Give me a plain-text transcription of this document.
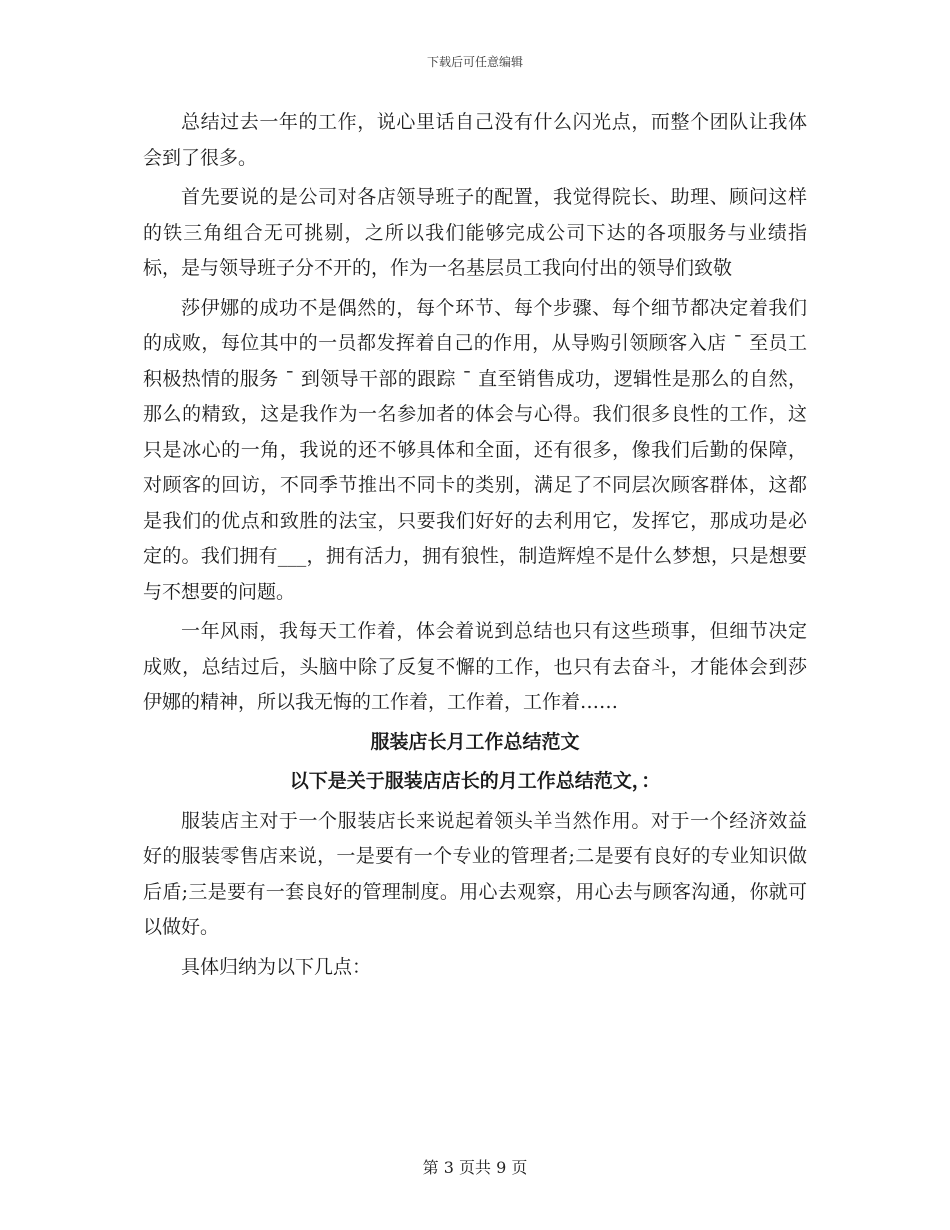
下载后可任意编辑

总结过去一年的工作，说心里话自己没有什么闪光点，而整个团队让我体会到了很多。

首先要说的是公司对各店领导班子的配置，我觉得院长、助理、顾问这样的铁三角组合无可挑剔，之所以我们能够完成公司下达的各项服务与业绩指标，是与领导班子分不开的，作为一名基层员工我向付出的领导们致敬

莎伊娜的成功不是偶然的，每个环节、每个步骤、每个细节都决定着我们的成败，每位其中的一员都发挥着自己的作用，从导购引领顾客入店 ¯ 至员工积极热情的服务 ¯ 到领导干部的跟踪 ¯ 直至销售成功，逻辑性是那么的自然，那么的精致，这是我作为一名参加者的体会与心得。我们很多良性的工作，这只是冰心的一角，我说的还不够具体和全面，还有很多，像我们后勤的保障，对顾客的回访，不同季节推出不同卡的类别，满足了不同层次顾客群体，这都是我们的优点和致胜的法宝，只要我们好好的去利用它，发挥它，那成功是必定的。我们拥有___，拥有活力，拥有狼性，制造辉煌不是什么梦想，只是想要与不想要的问题。

一年风雨，我每天工作着，体会着说到总结也只有这些琐事，但细节决定成败，总结过后，头脑中除了反复不懈的工作，也只有去奋斗，才能体会到莎伊娜的精神，所以我无悔的工作着，工作着，工作着……

服装店长月工作总结范文
以下是关于服装店店长的月工作总结范文，：

服装店主对于一个服装店长来说起着领头羊当然作用。对于一个经济效益好的服装零售店来说，一是要有一个专业的管理者;二是要有良好的专业知识做后盾;三是要有一套良好的管理制度。用心去观察，用心去与顾客沟通，你就可以做好。

具体归纳为以下几点：

第 3 页共 9 页
